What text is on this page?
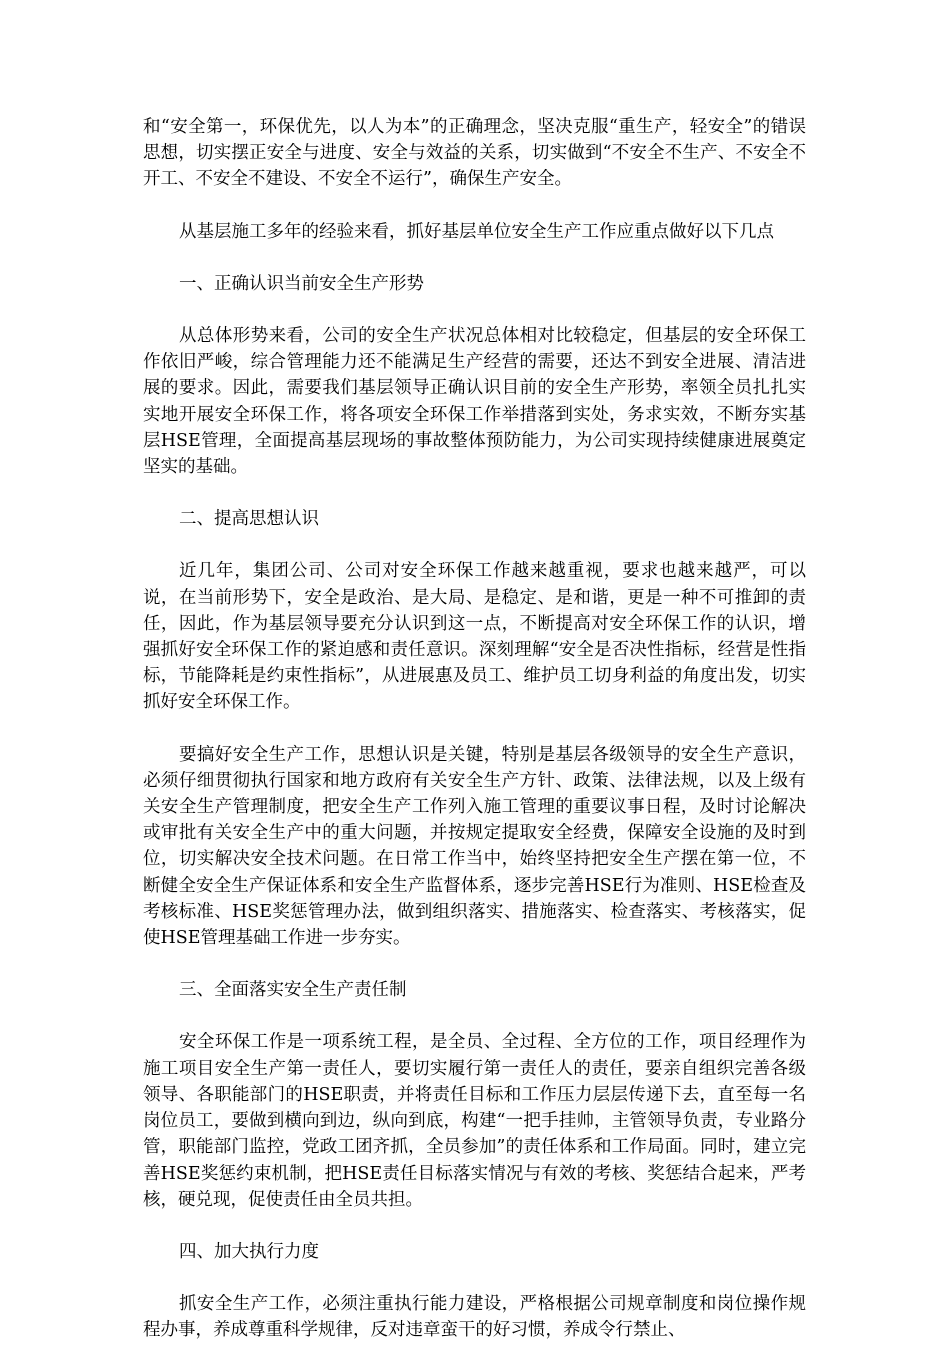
和“安全第一，环保优先，以人为本”的正确理念，坚决克服“重生产，轻安全”的错误思想，切实摆正安全与进度、安全与效益的关系，切实做到“不安全不生产、不安全不开工、不安全不建设、不安全不运行”，确保生产安全。

从基层施工多年的经验来看，抓好基层单位安全生产工作应重点做好以下几点

一、正确认识当前安全生产形势

从总体形势来看，公司的安全生产状况总体相对比较稳定，但基层的安全环保工作依旧严峻，综合管理能力还不能满足生产经营的需要，还达不到安全进展、清洁进展的要求。因此，需要我们基层领导正确认识目前的安全生产形势，率领全员扎扎实实地开展安全环保工作，将各项安全环保工作举措落到实处，务求实效，不断夯实基层HSE管理，全面提高基层现场的事故整体预防能力，为公司实现持续健康进展奠定坚实的基础。

二、提高思想认识

近几年，集团公司、公司对安全环保工作越来越重视，要求也越来越严，可以说，在当前形势下，安全是政治、是大局、是稳定、是和谐，更是一种不可推卸的责任，因此，作为基层领导要充分认识到这一点，不断提高对安全环保工作的认识，增强抓好安全环保工作的紧迫感和责任意识。深刻理解“安全是否决性指标，经营是性指标，节能降耗是约束性指标”，从进展惠及员工、维护员工切身利益的角度出发，切实抓好安全环保工作。

要搞好安全生产工作，思想认识是关键，特别是基层各级领导的安全生产意识，必须仔细贯彻执行国家和地方政府有关安全生产方针、政策、法律法规，以及上级有关安全生产管理制度，把安全生产工作列入施工管理的重要议事日程，及时讨论解决或审批有关安全生产中的重大问题，并按规定提取安全经费，保障安全设施的及时到位，切实解决安全技术问题。在日常工作当中，始终坚持把安全生产摆在第一位，不断健全安全生产保证体系和安全生产监督体系，逐步完善HSE行为准则、HSE检查及考核标准、HSE奖惩管理办法，做到组织落实、措施落实、检查落实、考核落实，促使HSE管理基础工作进一步夯实。

三、全面落实安全生产责任制

安全环保工作是一项系统工程，是全员、全过程、全方位的工作，项目经理作为施工项目安全生产第一责任人，要切实履行第一责任人的责任，要亲自组织完善各级领导、各职能部门的HSE职责，并将责任目标和工作压力层层传递下去，直至每一名岗位员工，要做到横向到边，纵向到底，构建“一把手挂帅，主管领导负责，专业路分管，职能部门监控，党政工团齐抓，全员参加”的责任体系和工作局面。同时，建立完善HSE奖惩约束机制，把HSE责任目标落实情况与有效的考核、奖惩结合起来，严考核，硬兑现，促使责任由全员共担。

四、加大执行力度

抓安全生产工作，必须注重执行能力建设，严格根据公司规章制度和岗位操作规程办事，养成尊重科学规律，反对违章蛮干的好习惯，养成令行禁止、
